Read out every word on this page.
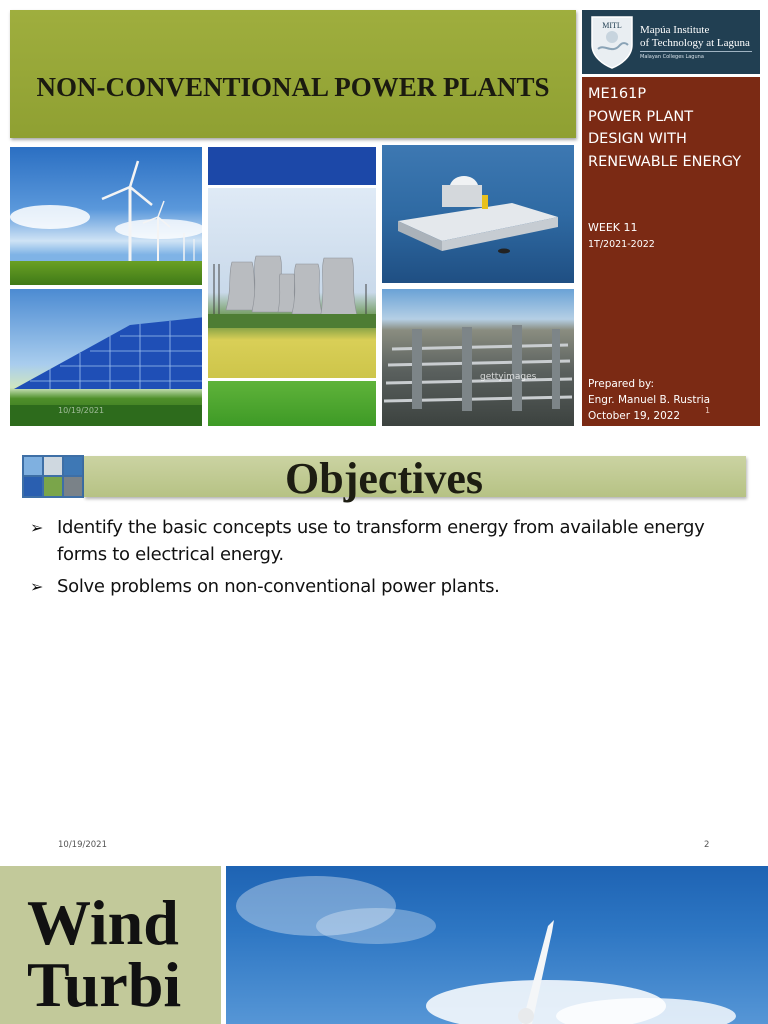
NON-CONVENTIONAL POWER PLANTS
MITL Mapúa Institute
of Technology at Laguna
Malayan Colleges Laguna
ME161P
POWER PLANT
DESIGN WITH
RENEWABLE ENERGY
WEEK 11
1T/2021-2022
Prepared by:
Engr. Manuel B. Rustria
October 19, 2022	1
10/19/2021
gettyimages
Objectives
➢ Identify the basic concepts use to transform energy from available energy forms to electrical energy.
➢ Solve problems on non-conventional power plants.
10/19/2021	2
Wind
Turbi
